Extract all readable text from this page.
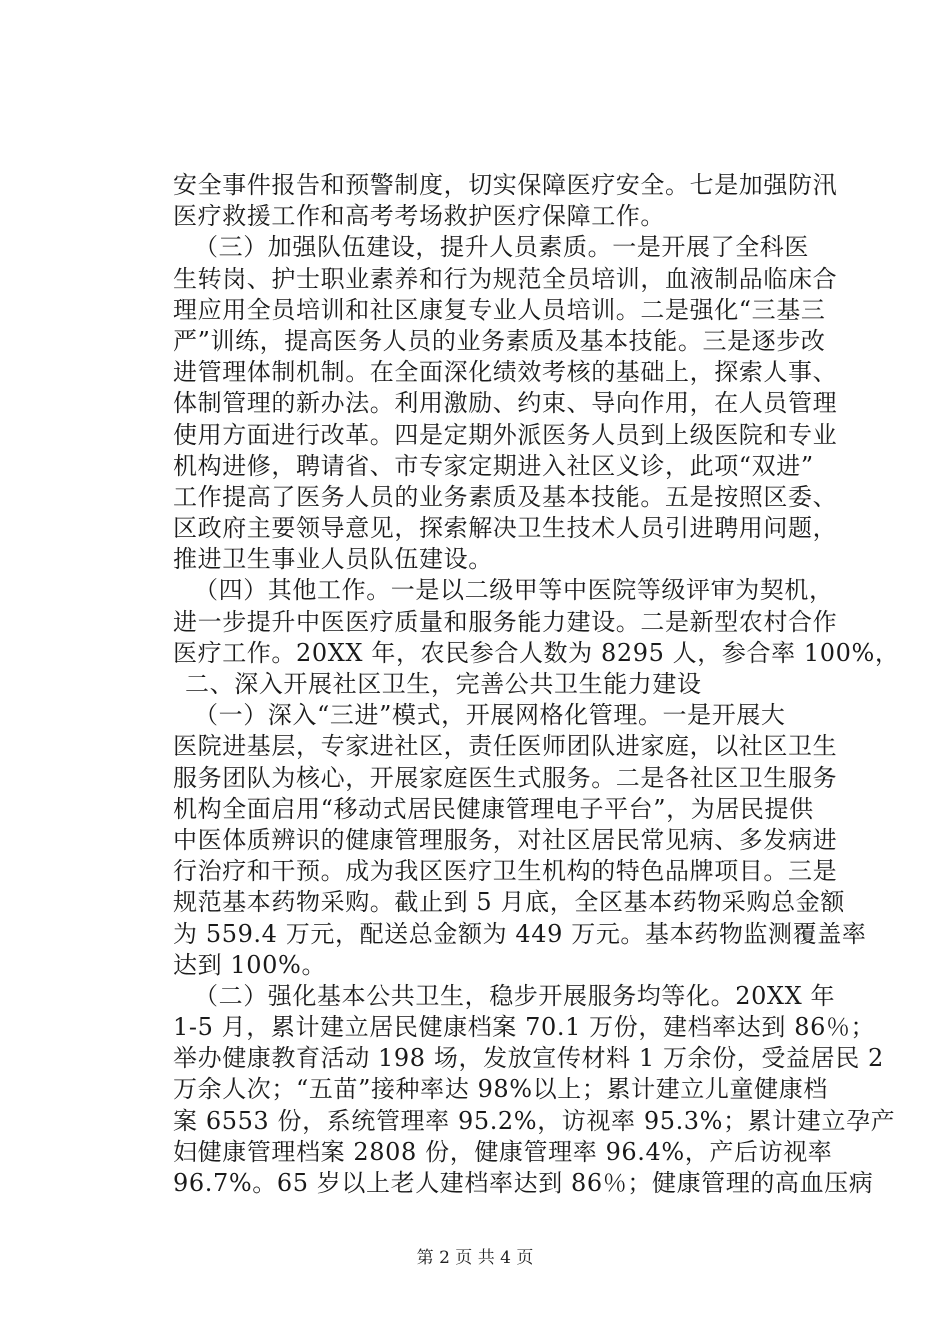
安全事件报告和预警制度，切实保障医疗安全。七是加强防汛
医疗救援工作和高考考场救护医疗保障工作。
（三）加强队伍建设，提升人员素质。一是开展了全科医
生转岗、护士职业素养和行为规范全员培训，血液制品临床合
理应用全员培训和社区康复专业人员培训。二是强化“三基三
严”训练，提高医务人员的业务素质及基本技能。三是逐步改
进管理体制机制。在全面深化绩效考核的基础上，探索人事、
体制管理的新办法。利用激励、约束、导向作用，在人员管理
使用方面进行改革。四是定期外派医务人员到上级医院和专业
机构进修，聘请省、市专家定期进入社区义诊，此项“双进”
工作提高了医务人员的业务素质及基本技能。五是按照区委、
区政府主要领导意见，探索解决卫生技术人员引进聘用问题，
推进卫生事业人员队伍建设。
（四）其他工作。一是以二级甲等中医院等级评审为契机，
进一步提升中医医疗质量和服务能力建设。二是新型农村合作
医疗工作。20XX 年，农民参合人数为 8295 人，参合率 100%，
二、深入开展社区卫生，完善公共卫生能力建设
（一）深入“三进”模式，开展网格化管理。一是开展大
医院进基层，专家进社区，责任医师团队进家庭，以社区卫生
服务团队为核心，开展家庭医生式服务。二是各社区卫生服务
机构全面启用“移动式居民健康管理电子平台”，为居民提供
中医体质辨识的健康管理服务，对社区居民常见病、多发病进
行治疗和干预。成为我区医疗卫生机构的特色品牌项目。三是
规范基本药物采购。截止到 5 月底，全区基本药物采购总金额
为 559.4 万元，配送总金额为 449 万元。基本药物监测覆盖率
达到 100%。
（二）强化基本公共卫生，稳步开展服务均等化。20XX 年
1-5 月，累计建立居民健康档案 70.1 万份，建档率达到 86％；
举办健康教育活动 198 场，发放宣传材料 1 万余份，受益居民 2
万余人次；“五苗”接种率达 98%以上；累计建立儿童健康档
案 6553 份，系统管理率 95.2%，访视率 95.3%；累计建立孕产
妇健康管理档案 2808 份，健康管理率 96.4%，产后访视率
96.7%。65 岁以上老人建档率达到 86％；健康管理的高血压病
第 2 页 共 4 页
